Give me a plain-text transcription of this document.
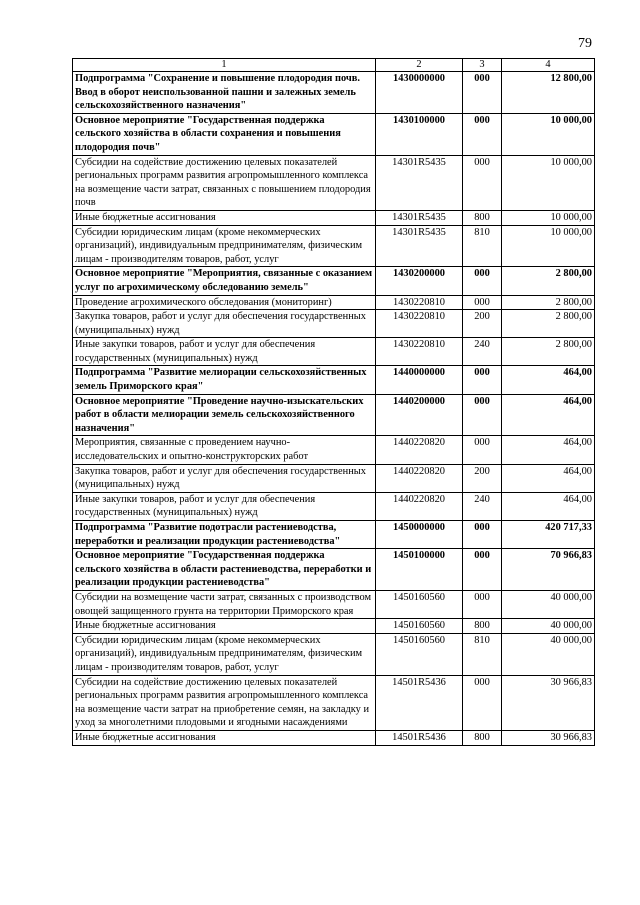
79
1	2	3	4
Подпрограмма "Сохранение и повышение плодородия почв. Ввод в оборот неиспользованной пашни и залежных земель сельскохозяйственного назначения"	1430000000	000	12 800,00
Основное мероприятие "Государственная поддержка сельского хозяйства в области сохранения и повышения плодородия почв"	1430100000	000	10 000,00
Субсидии на содействие достижению целевых показателей региональных программ развития агропромышленного комплекса на возмещение части затрат, связанных с повышением плодородия почв	14301R5435	000	10 000,00
Иные бюджетные ассигнования	14301R5435	800	10 000,00
Субсидии юридическим лицам (кроме некоммерческих организаций), индивидуальным предпринимателям, физическим лицам - производителям товаров, работ, услуг	14301R5435	810	10 000,00
Основное мероприятие "Мероприятия, связанные с оказанием услуг по агрохимическому обследованию земель"	1430200000	000	2 800,00
Проведение агрохимического обследования (мониторинг)	1430220810	000	2 800,00
Закупка товаров, работ и услуг для обеспечения государственных (муниципальных) нужд	1430220810	200	2 800,00
Иные закупки товаров, работ и услуг для обеспечения государственных (муниципальных) нужд	1430220810	240	2 800,00
Подпрограмма "Развитие мелиорации сельскохозяйственных земель Приморского края"	1440000000	000	464,00
Основное мероприятие "Проведение научно-изыскательских работ в области мелиорации земель сельскохозяйственного назначения"	1440200000	000	464,00
Мероприятия, связанные с проведением научно-исследовательских и опытно-конструкторских работ	1440220820	000	464,00
Закупка товаров, работ и услуг для обеспечения государственных (муниципальных) нужд	1440220820	200	464,00
Иные закупки товаров, работ и услуг для обеспечения государственных (муниципальных) нужд	1440220820	240	464,00
Подпрограмма "Развитие подотрасли растениеводства, переработки и реализации продукции растениеводства"	1450000000	000	420 717,33
Основное мероприятие "Государственная поддержка сельского хозяйства в области растениеводства, переработки и реализации продукции растениеводства"	1450100000	000	70 966,83
Субсидии на возмещение части затрат, связанных с производством овощей защищенного грунта на территории Приморского края	1450160560	000	40 000,00
Иные бюджетные ассигнования	1450160560	800	40 000,00
Субсидии юридическим лицам (кроме некоммерческих организаций), индивидуальным предпринимателям, физическим лицам - производителям товаров, работ, услуг	1450160560	810	40 000,00
Субсидии на содействие достижению целевых показателей региональных программ развития агропромышленного комплекса на возмещение части затрат на приобретение семян, на закладку и уход за многолетними плодовыми и ягодными насаждениями	14501R5436	000	30 966,83
Иные бюджетные ассигнования	14501R5436	800	30 966,83
